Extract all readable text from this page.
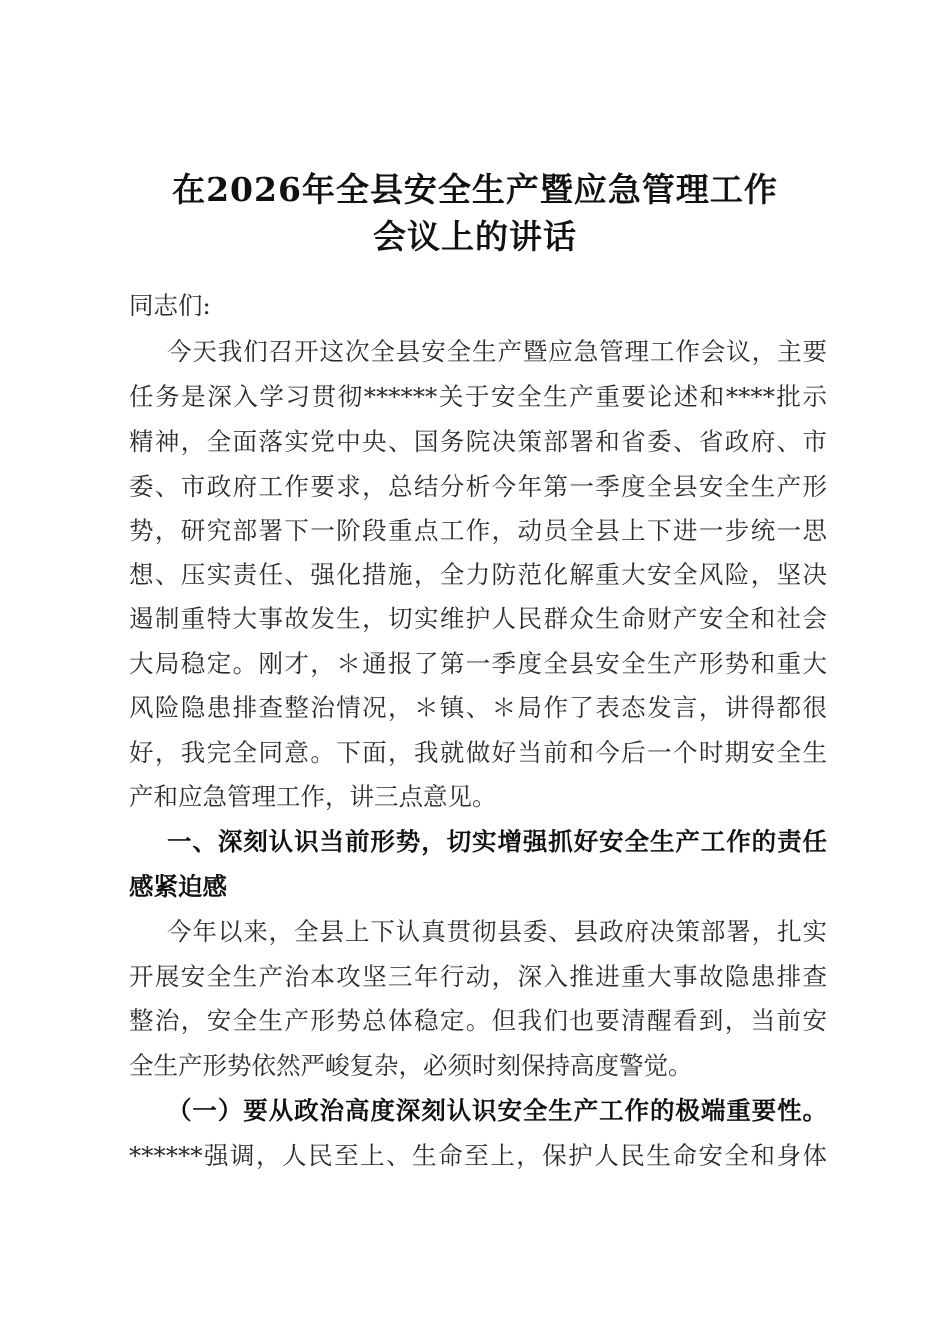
在2026年全县安全生产暨应急管理工作
会议上的讲话
同志们:
今天我们召开这次全县安全生产暨应急管理工作会议，主要
任务是深入学习贯彻******关于安全生产重要论述和****批示
精神，全面落实党中央、国务院决策部署和省委、省政府、市
委、市政府工作要求，总结分析今年第一季度全县安全生产形
势，研究部署下一阶段重点工作，动员全县上下进一步统一思
想、压实责任、强化措施，全力防范化解重大安全风险，坚决
遏制重特大事故发生，切实维护人民群众生命财产安全和社会
大局稳定。刚才，＊通报了第一季度全县安全生产形势和重大
风险隐患排查整治情况，＊镇、＊局作了表态发言，讲得都很
好，我完全同意。下面，我就做好当前和今后一个时期安全生
产和应急管理工作，讲三点意见。
一、深刻认识当前形势，切实增强抓好安全生产工作的责任
感紧迫感
今年以来，全县上下认真贯彻县委、县政府决策部署，扎实
开展安全生产治本攻坚三年行动，深入推进重大事故隐患排查
整治，安全生产形势总体稳定。但我们也要清醒看到，当前安
全生产形势依然严峻复杂，必须时刻保持高度警觉。
（一）要从政治高度深刻认识安全生产工作的极端重要性。
******强调，人民至上、生命至上，保护人民生命安全和身体
